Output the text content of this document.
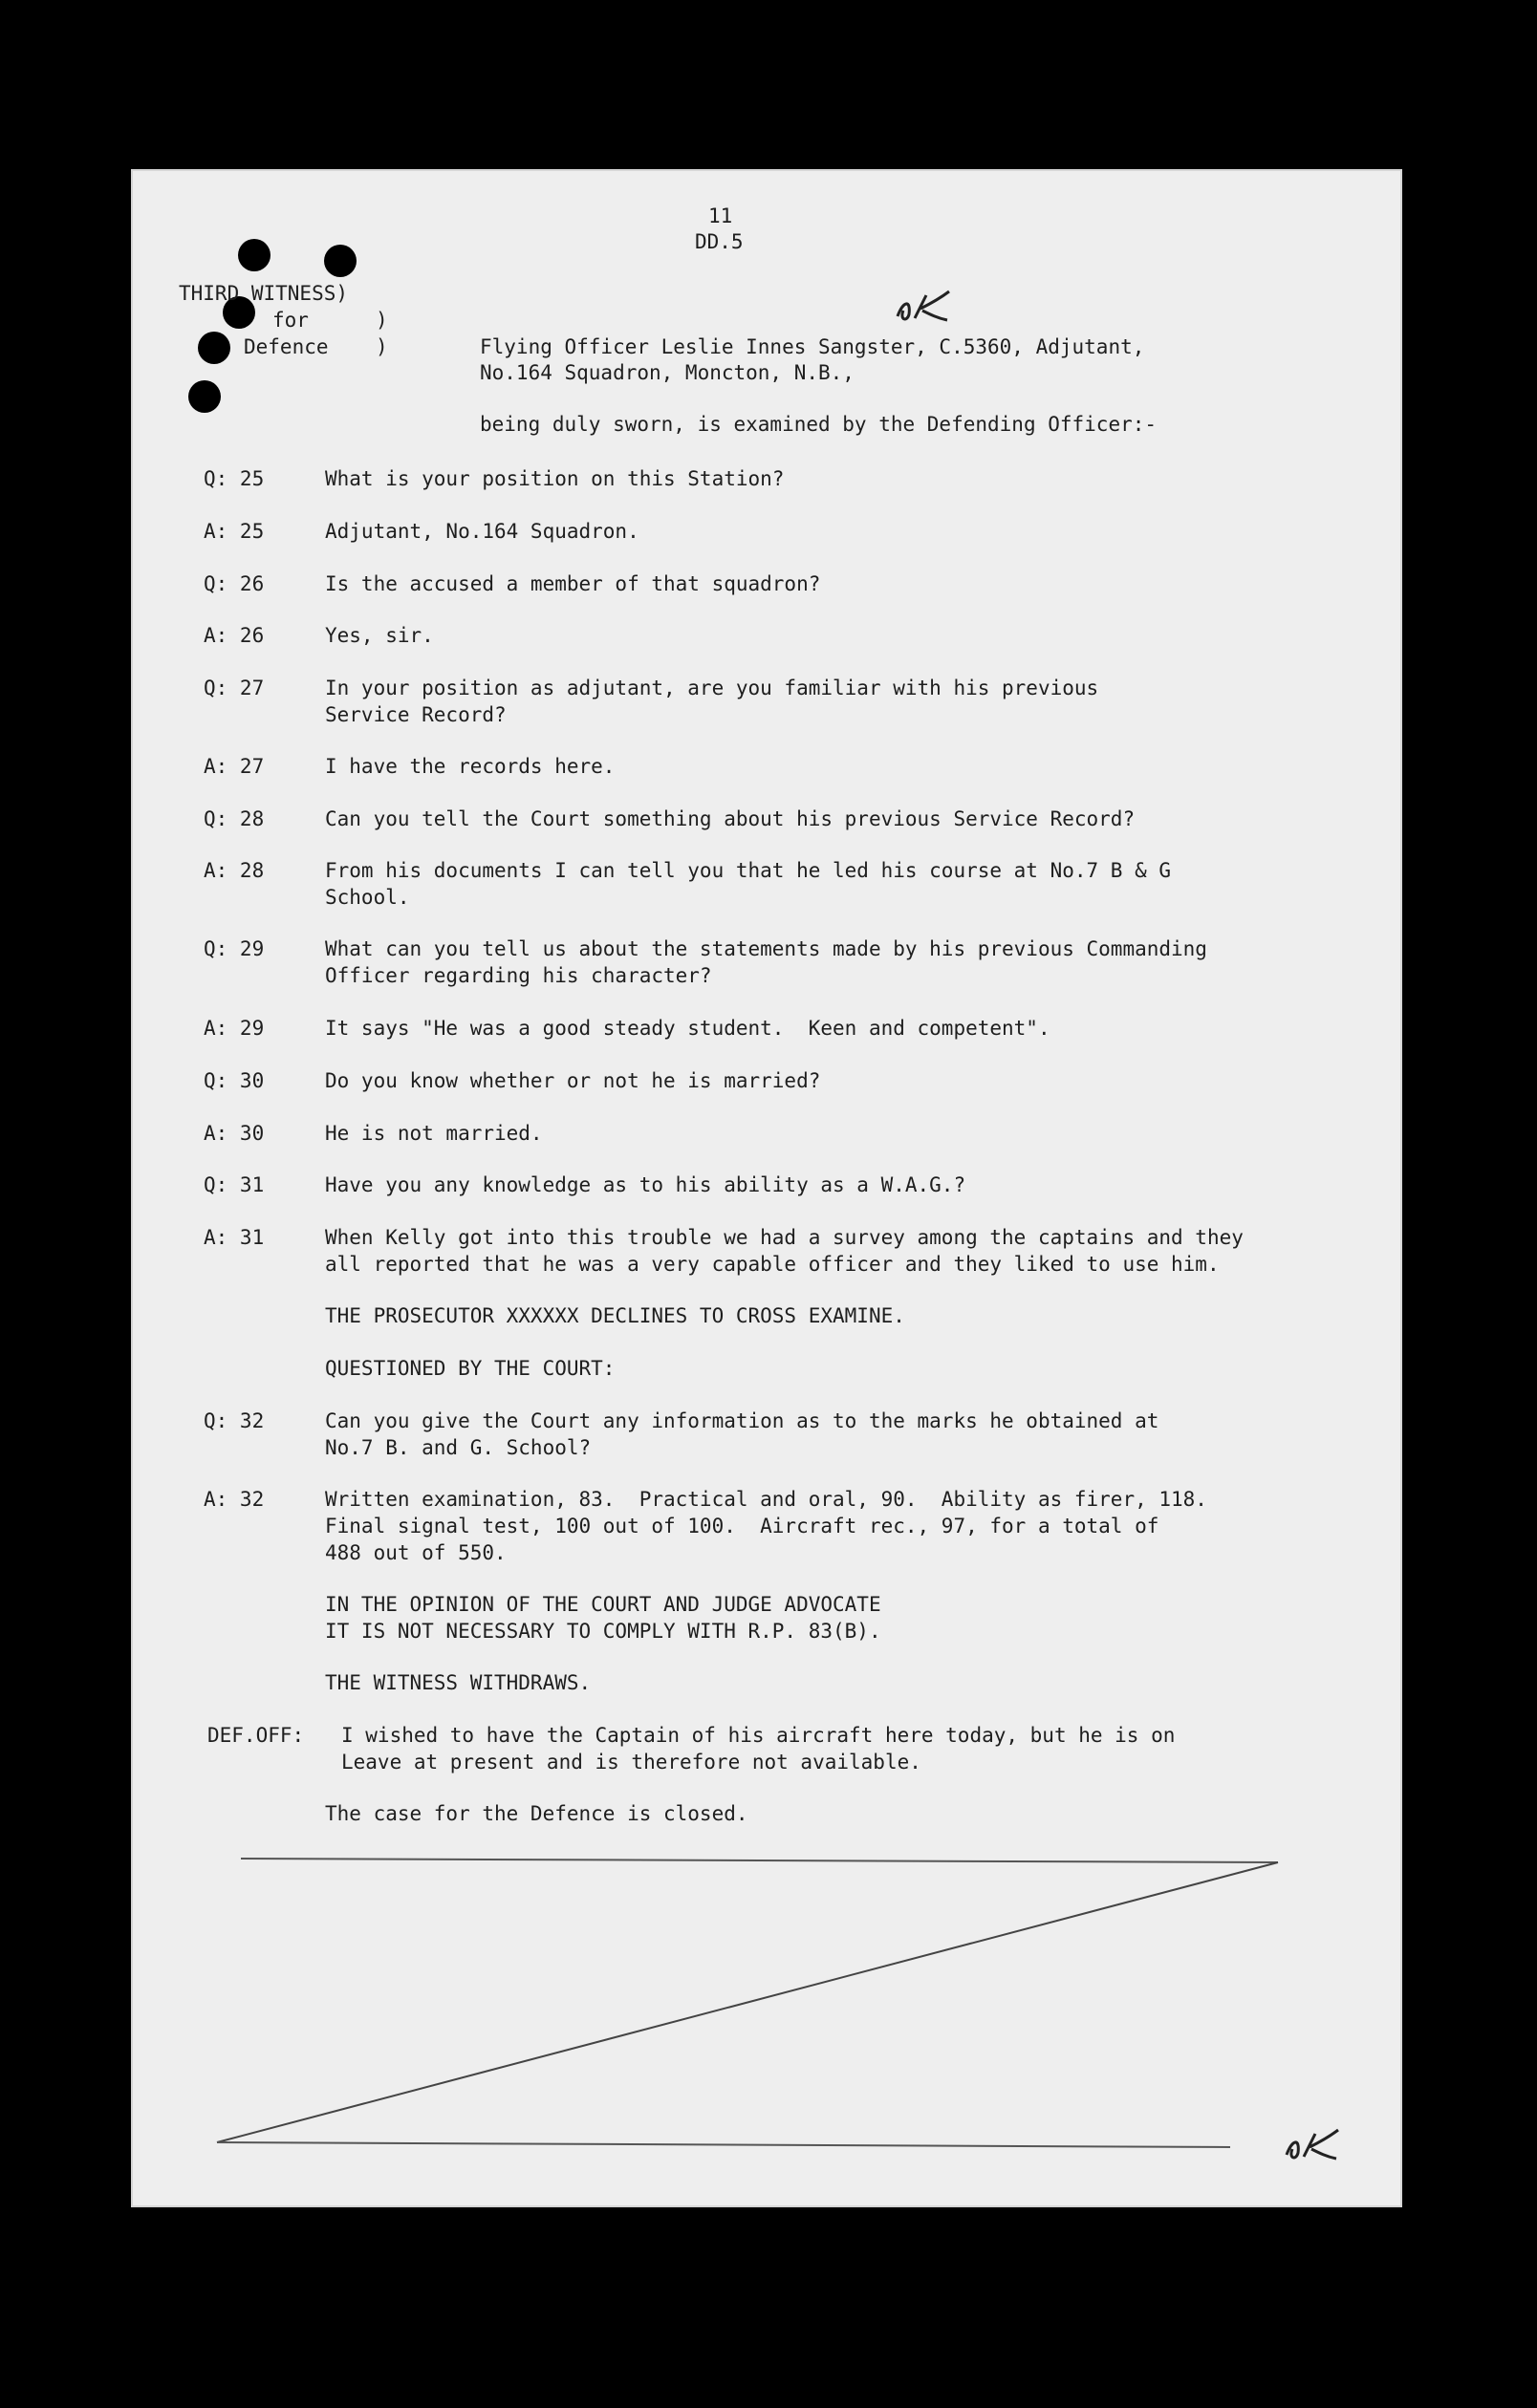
11
DD.5
THIRD WITNESS)
for	)
Defence )	Flying Officer Leslie Innes Sangster, C.5360, Adjutant,
No.164 Squadron, Moncton, N.B.,
being duly sworn, is examined by the Defending Officer:-
Q: 25	What is your position on this Station?
A: 25	Adjutant, No.164 Squadron.
Q: 26	Is the accused a member of that squadron?
A: 26	Yes, sir.
Q: 27	In your position as adjutant, are you familiar with his previous
Service Record?
A: 27	I have the records here.
Q: 28	Can you tell the Court something about his previous Service Record?
A: 28	From his documents I can tell you that he led his course at No.7 B & G
School.
Q: 29	What can you tell us about the statements made by his previous Commanding
Officer regarding his character?
A: 29	It says "He was a good steady student.  Keen and competent".
Q: 30	Do you know whether or not he is married?
A: 30	He is not married.
Q: 31	Have you any knowledge as to his ability as a W.A.G.?
A: 31	When Kelly got into this trouble we had a survey among the captains and they
all reported that he was a very capable officer and they liked to use him.
THE PROSECUTOR XXXXXX DECLINES TO CROSS EXAMINE.
QUESTIONED BY THE COURT:
Q: 32	Can you give the Court any information as to the marks he obtained at
No.7 B. and G. School?
A: 32	Written examination, 83.  Practical and oral, 90.  Ability as firer, 118.
Final signal test, 100 out of 100.  Aircraft rec., 97, for a total of
488 out of 550.
IN THE OPINION OF THE COURT AND JUDGE ADVOCATE
IT IS NOT NECESSARY TO COMPLY WITH R.P. 83(B).
THE WITNESS WITHDRAWS.
DEF.OFF: I wished to have the Captain of his aircraft here today, but he is on
Leave at present and is therefore not available.
The case for the Defence is closed.
